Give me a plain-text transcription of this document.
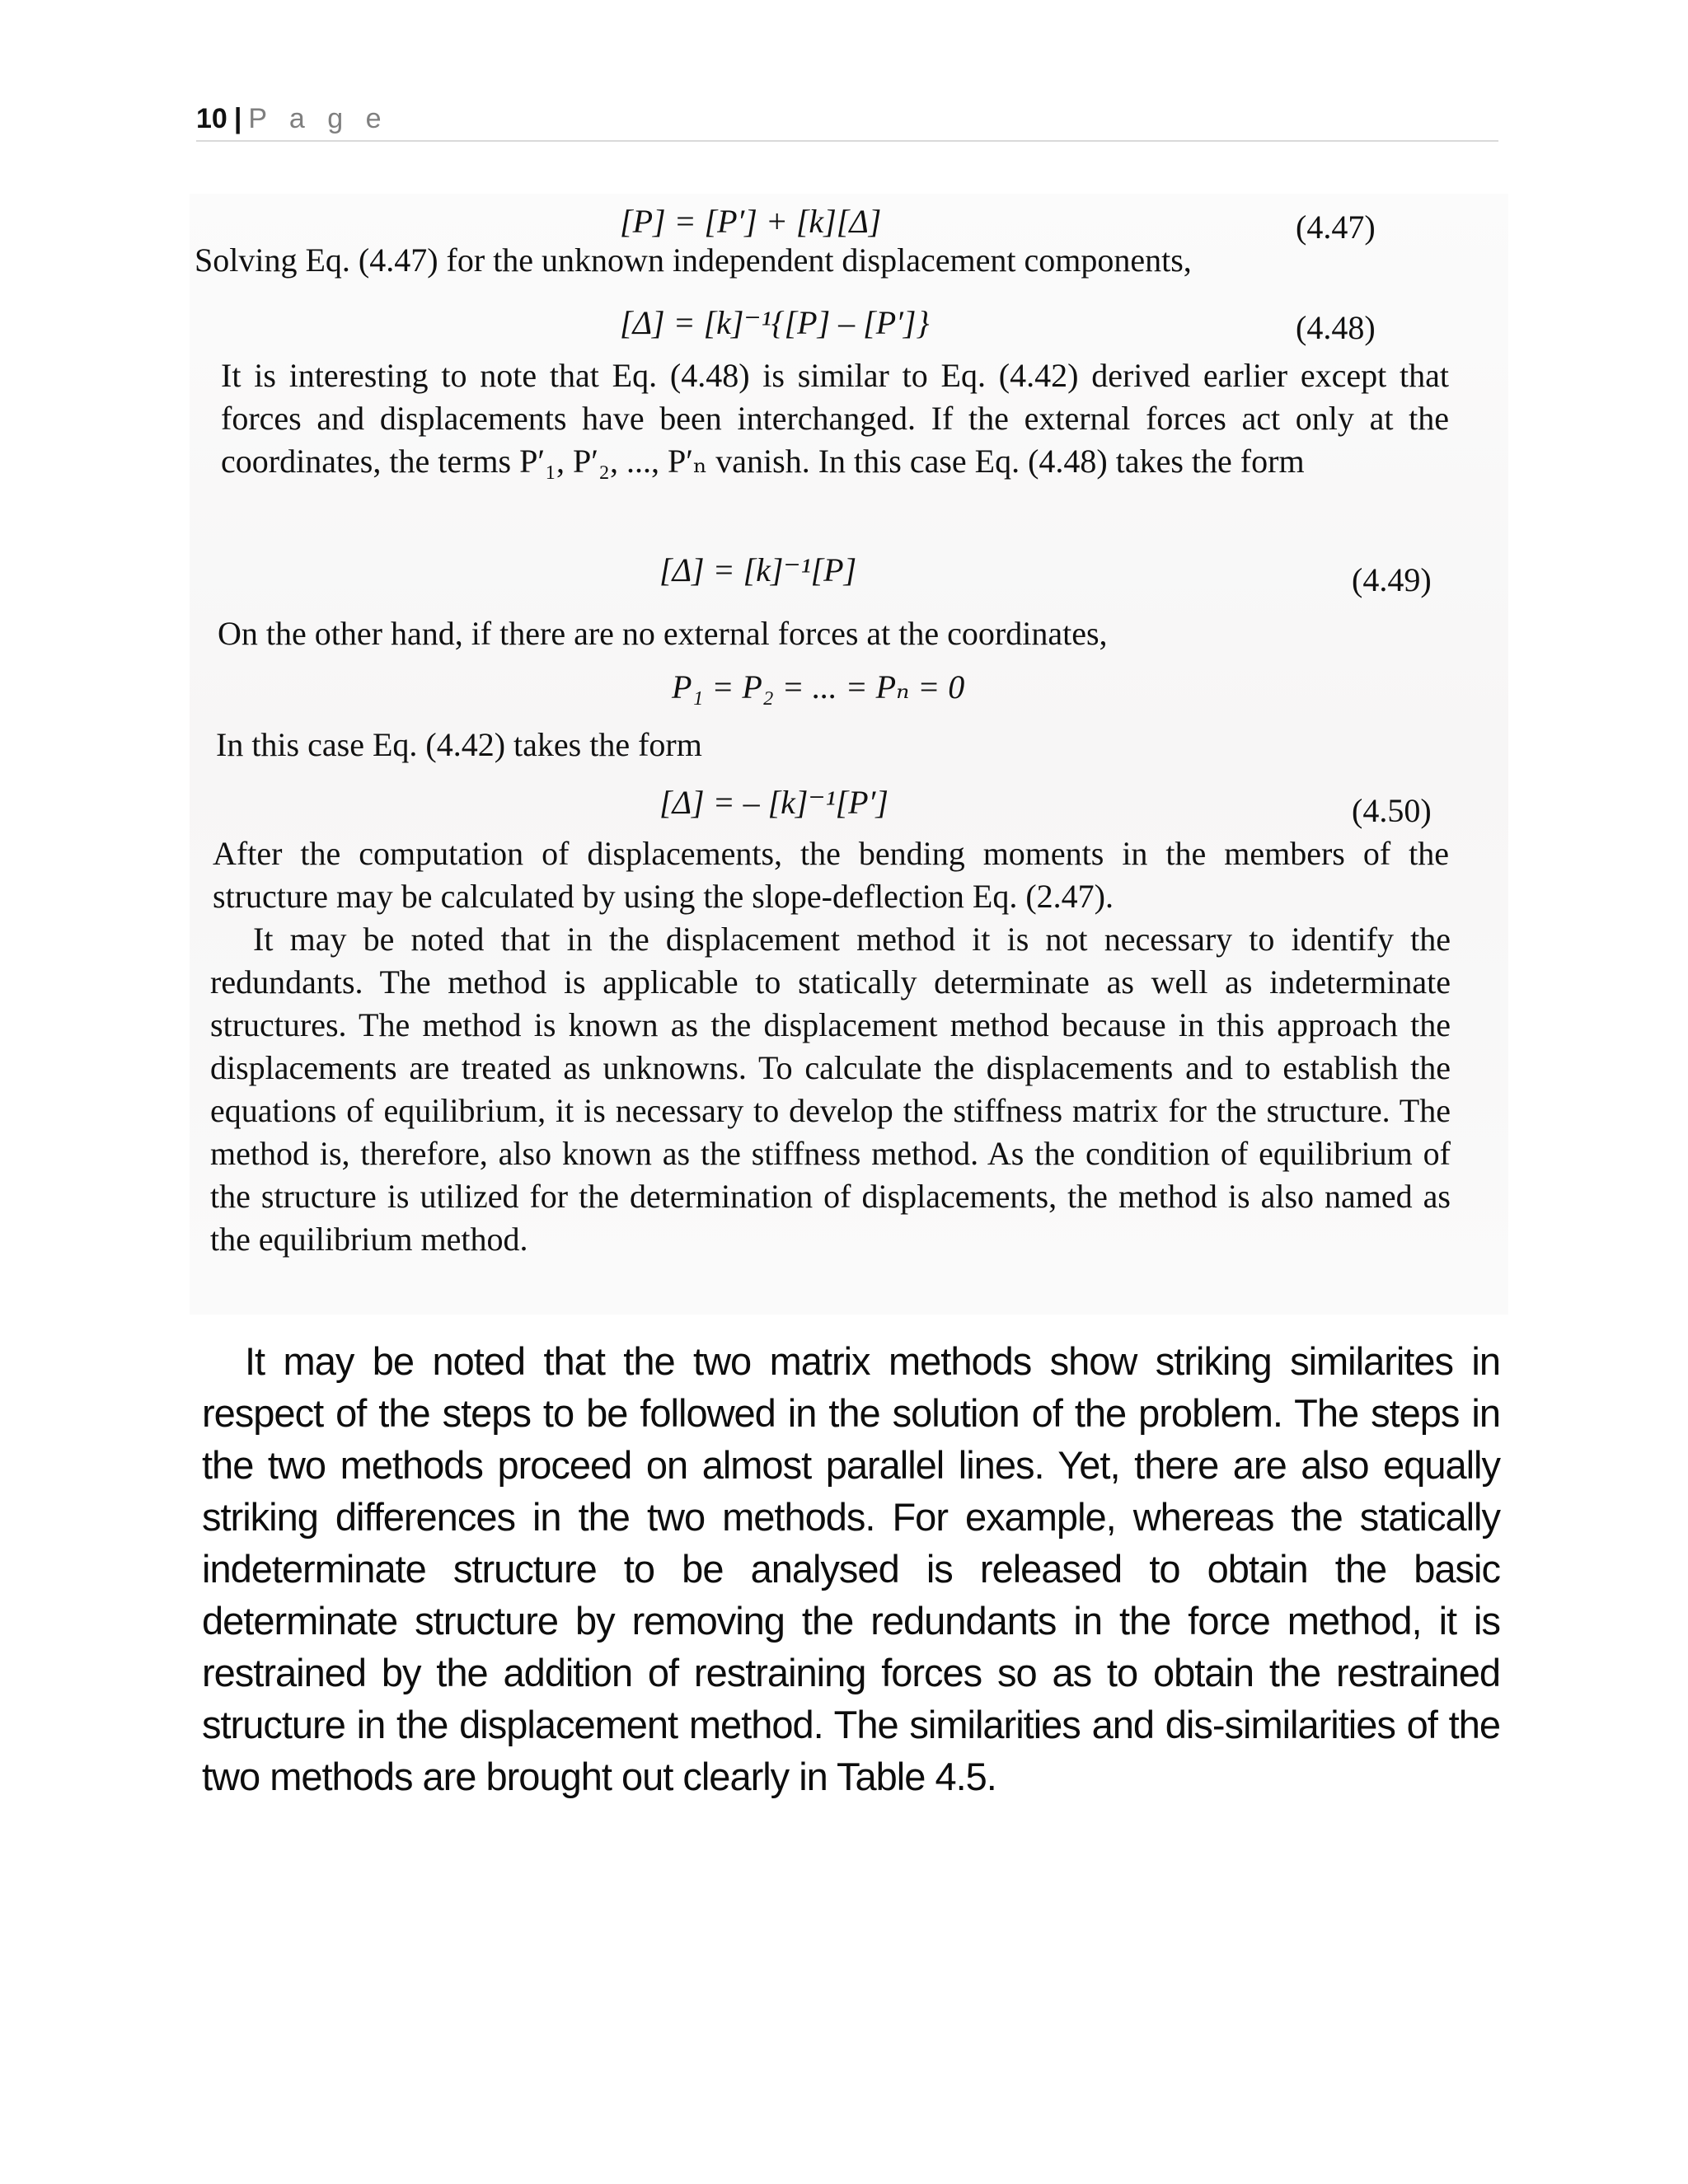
10 | P a g e
[P] = [P′] + [k][Δ]	(4.47)
Solving Eq. (4.47) for the unknown independent displacement components,
[Δ] = [k]⁻¹{[P] – [P′]}	(4.48)
It is interesting to note that Eq. (4.48) is similar to Eq. (4.42) derived earlier except that forces and displacements have been interchanged. If the external forces act only at the coordinates, the terms P′₁, P′₂, ..., P′ₙ vanish. In this case Eq. (4.48) takes the form
[Δ] = [k]⁻¹[P]	(4.49)
On the other hand, if there are no external forces at the coordinates,
P₁ = P₂ = ... = Pₙ = 0
In this case Eq. (4.42) takes the form
[Δ] = – [k]⁻¹[P′]	(4.50)
After the computation of displacements, the bending moments in the members of the structure may be calculated by using the slope-deflection Eq. (2.47).
It may be noted that in the displacement method it is not necessary to identify the redundants. The method is applicable to statically determinate as well as indeterminate structures. The method is known as the displacement method because in this approach the displacements are treated as unknowns. To calculate the displacements and to establish the equations of equilibrium, it is necessary to develop the stiffness matrix for the structure. The method is, therefore, also known as the stiffness method. As the condition of equilibrium of the structure is utilized for the determination of displacements, the method is also named as the equilibrium method.
It may be noted that the two matrix methods show striking similarites in respect of the steps to be followed in the solution of the problem. The steps in the two methods proceed on almost parallel lines. Yet, there are also equally striking differences in the two methods. For example, whereas the statically indeterminate structure to be analysed is released to obtain the basic determinate structure by removing the redundants in the force method, it is restrained by the addition of restraining forces so as to obtain the restrained structure in the displacement method. The similarities and dis-similarities of the two methods are brought out clearly in Table 4.5.
